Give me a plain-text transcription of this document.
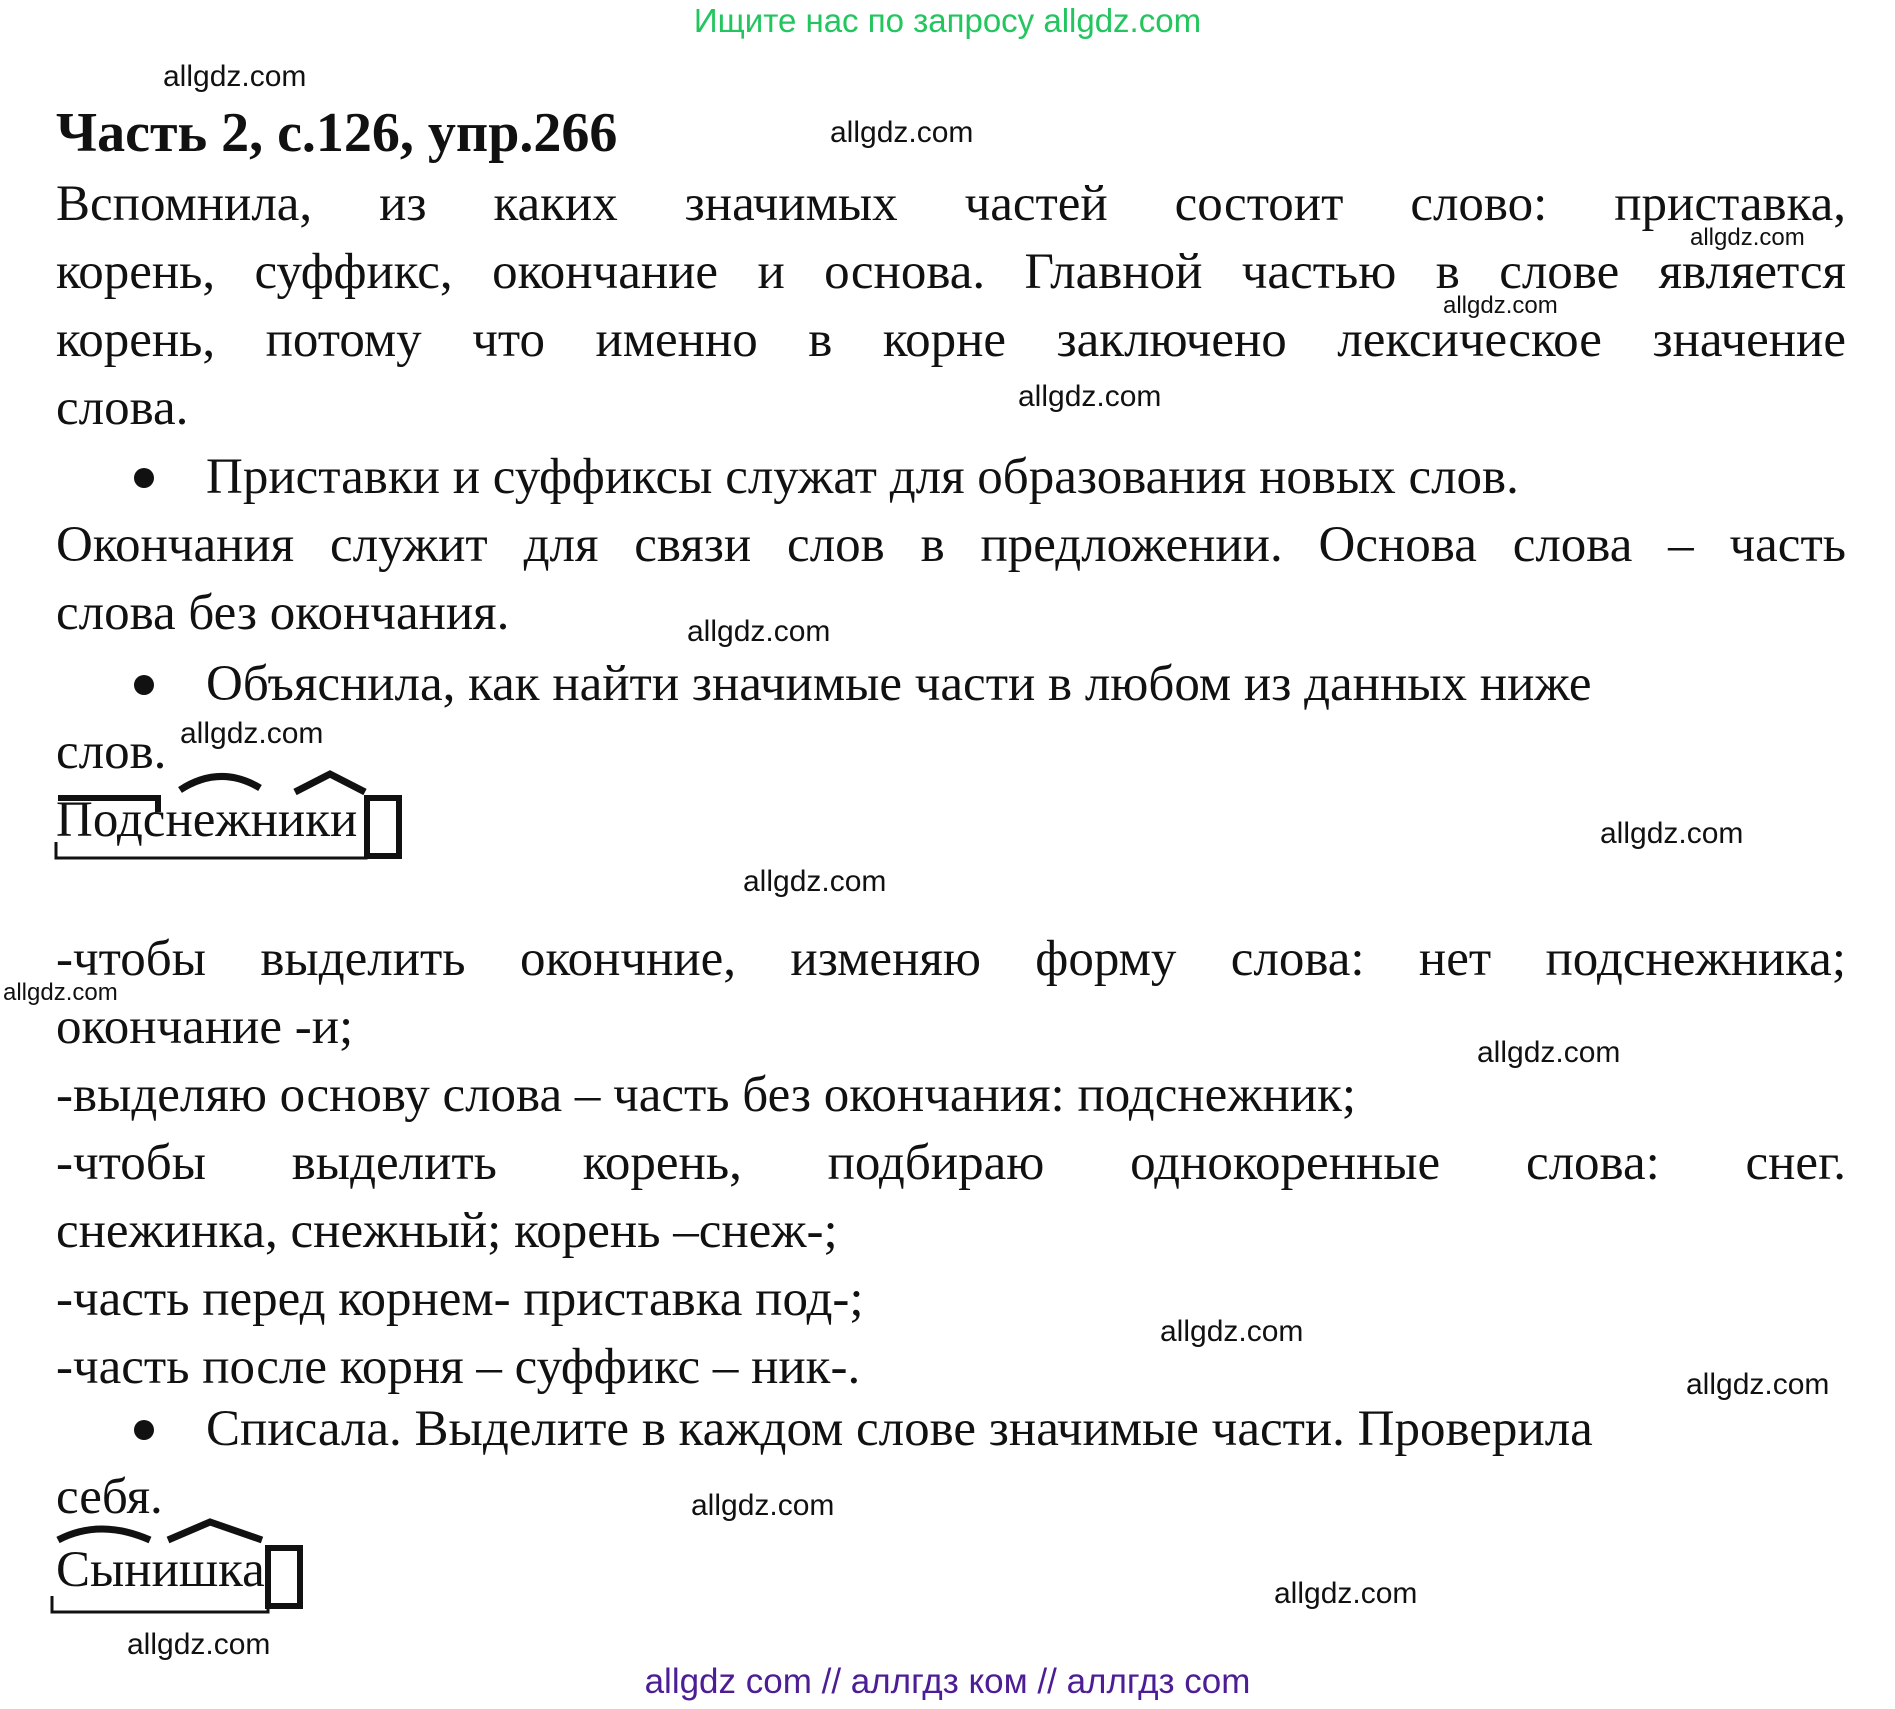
Ищите нас по запросу allgdz.com
Часть 2, с.126, упр.266
Вспомнила, из каких значимых частей состоит слово: приставка,
корень, суффикс, окончание и основа. Главной частью в слове является
корень, потому что именно в корне заключено лексическое значение
слова.
Приставки и суффиксы служат для образования новых слов.
Окончания служит для связи слов в предложении. Основа слова – часть
слова без окончания.
Объяснила, как найти значимые части в любом из данных ниже
слов.
Подснежники
-чтобы выделить окончние, изменяю форму слова: нет подснежника;
окончание -и;
-выделяю основу слова – часть без окончания: подснежник;
-чтобы выделить корень, подбираю однокоренные слова: снег.
снежинка, снежный; корень –снеж-;
-часть перед корнем- приставка под-;
-часть после корня – суффикс – ник-.
Списала. Выделите в каждом слове значимые части. Проверила
себя.
Сынишка
allgdz.com
allgdz.com
allgdz.com
allgdz.com
allgdz.com
allgdz.com
allgdz.com
allgdz.com
allgdz.com
allgdz.com
allgdz.com
allgdz.com
allgdz.com
allgdz.com
allgdz.com
allgdz.com
allgdz com // аллгдз ком // аллгдз com
